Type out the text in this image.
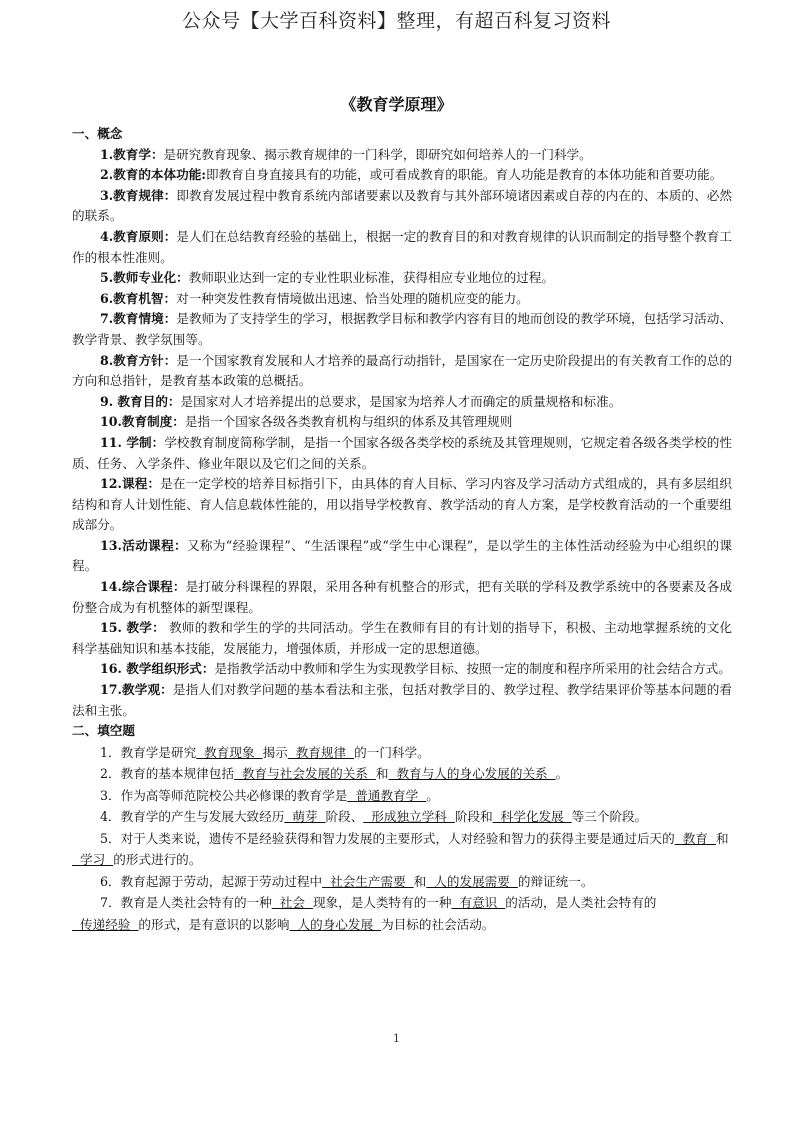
公众号【大学百科资料】整理，有超百科复习资料
《教育学原理》

一、概念

1.教育学：是研究教育现象、揭示教育规律的一门科学，即研究如何培养人的一门科学。

2.教育的本体功能:即教育自身直接具有的功能，或可看成教育的职能。育人功能是教育的本体功能和首要功能。

3.教育规律：即教育发展过程中教育系统内部诸要素以及教育与其外部环境诸因素或自荐的内在的、本质的、必然的联系。

4.教育原则：是人们在总结教育经验的基础上，根据一定的教育目的和对教育规律的认识而制定的指导整个教育工作的根本性准则。

5.教师专业化：教师职业达到一定的专业性职业标准，获得相应专业地位的过程。

6.教育机智：对一种突发性教育情境做出迅速、恰当处理的随机应变的能力。

7.教育情境：是教师为了支持学生的学习，根据教学目标和教学内容有目的地而创设的教学环境，包括学习活动、教学背景、教学氛围等。

8.教育方针：是一个国家教育发展和人才培养的最高行动指针，是国家在一定历史阶段提出的有关教育工作的总的方向和总指针，是教育基本政策的总概括。

9. 教育目的：是国家对人才培养提出的总要求，是国家为培养人才而确定的质量规格和标准。

10.教育制度：是指一个国家各级各类教育机构与组织的体系及其管理规则

11. 学制：学校教育制度简称学制，是指一个国家各级各类学校的系统及其管理规则，它规定着各级各类学校的性质、任务、入学条件、修业年限以及它们之间的关系。

12.课程：是在一定学校的培养目标指引下，由具体的育人目标、学习内容及学习活动方式组成的，具有多层组织结构和育人计划性能、育人信息载体性能的，用以指导学校教育、教学活动的育人方案，是学校教育活动的一个重要组成部分。

13.活动课程：又称为“经验课程”、“生活课程”或“学生中心课程”，是以学生的主体性活动经验为中心组织的课程。

14.综合课程：是打破分科课程的界限，采用各种有机整合的形式，把有关联的学科及教学系统中的各要素及各成份整合成为有机整体的新型课程。

15. 教学： 教师的教和学生的学的共同活动。学生在教师有目的有计划的指导下，积极、主动地掌握系统的文化科学基础知识和基本技能，发展能力，增强体质，并形成一定的思想道德。

16. 教学组织形式：是指教学活动中教师和学生为实现教学目标、按照一定的制度和程序所采用的社会结合方式。

17.教学观：是指人们对教学问题的基本看法和主张，包括对教学目的、教学过程、教学结果评价等基本问题的看法和主张。

二、填空题

1．教育学是研究  教育现象  揭示  教育规律  的一门科学。

2．教育的基本规律包括  教育与社会发展的关系  和  教育与人的身心发展的关系  。

3．作为高等师范院校公共必修课的教育学是  普通教育学  。

4．教育学的产生与发展大致经历  萌芽  阶段、  形成独立学科  阶段和  科学化发展  等三个阶段。

5．对于人类来说，遗传不是经验获得和智力发展的主要形式，人对经验和智力的获得主要是通过后天的  教育  和  学习  的形式进行的。

6．教育起源于劳动，起源于劳动过程中  社会生产需要  和  人的发展需要  的辩证统一。

7．教育是人类社会特有的一种  社会  现象，是人类特有的一种  有意识  的活动，是人类社会特有的  传递经验  的形式，是有意识的以影响  人的身心发展  为目标的社会活动。

1
